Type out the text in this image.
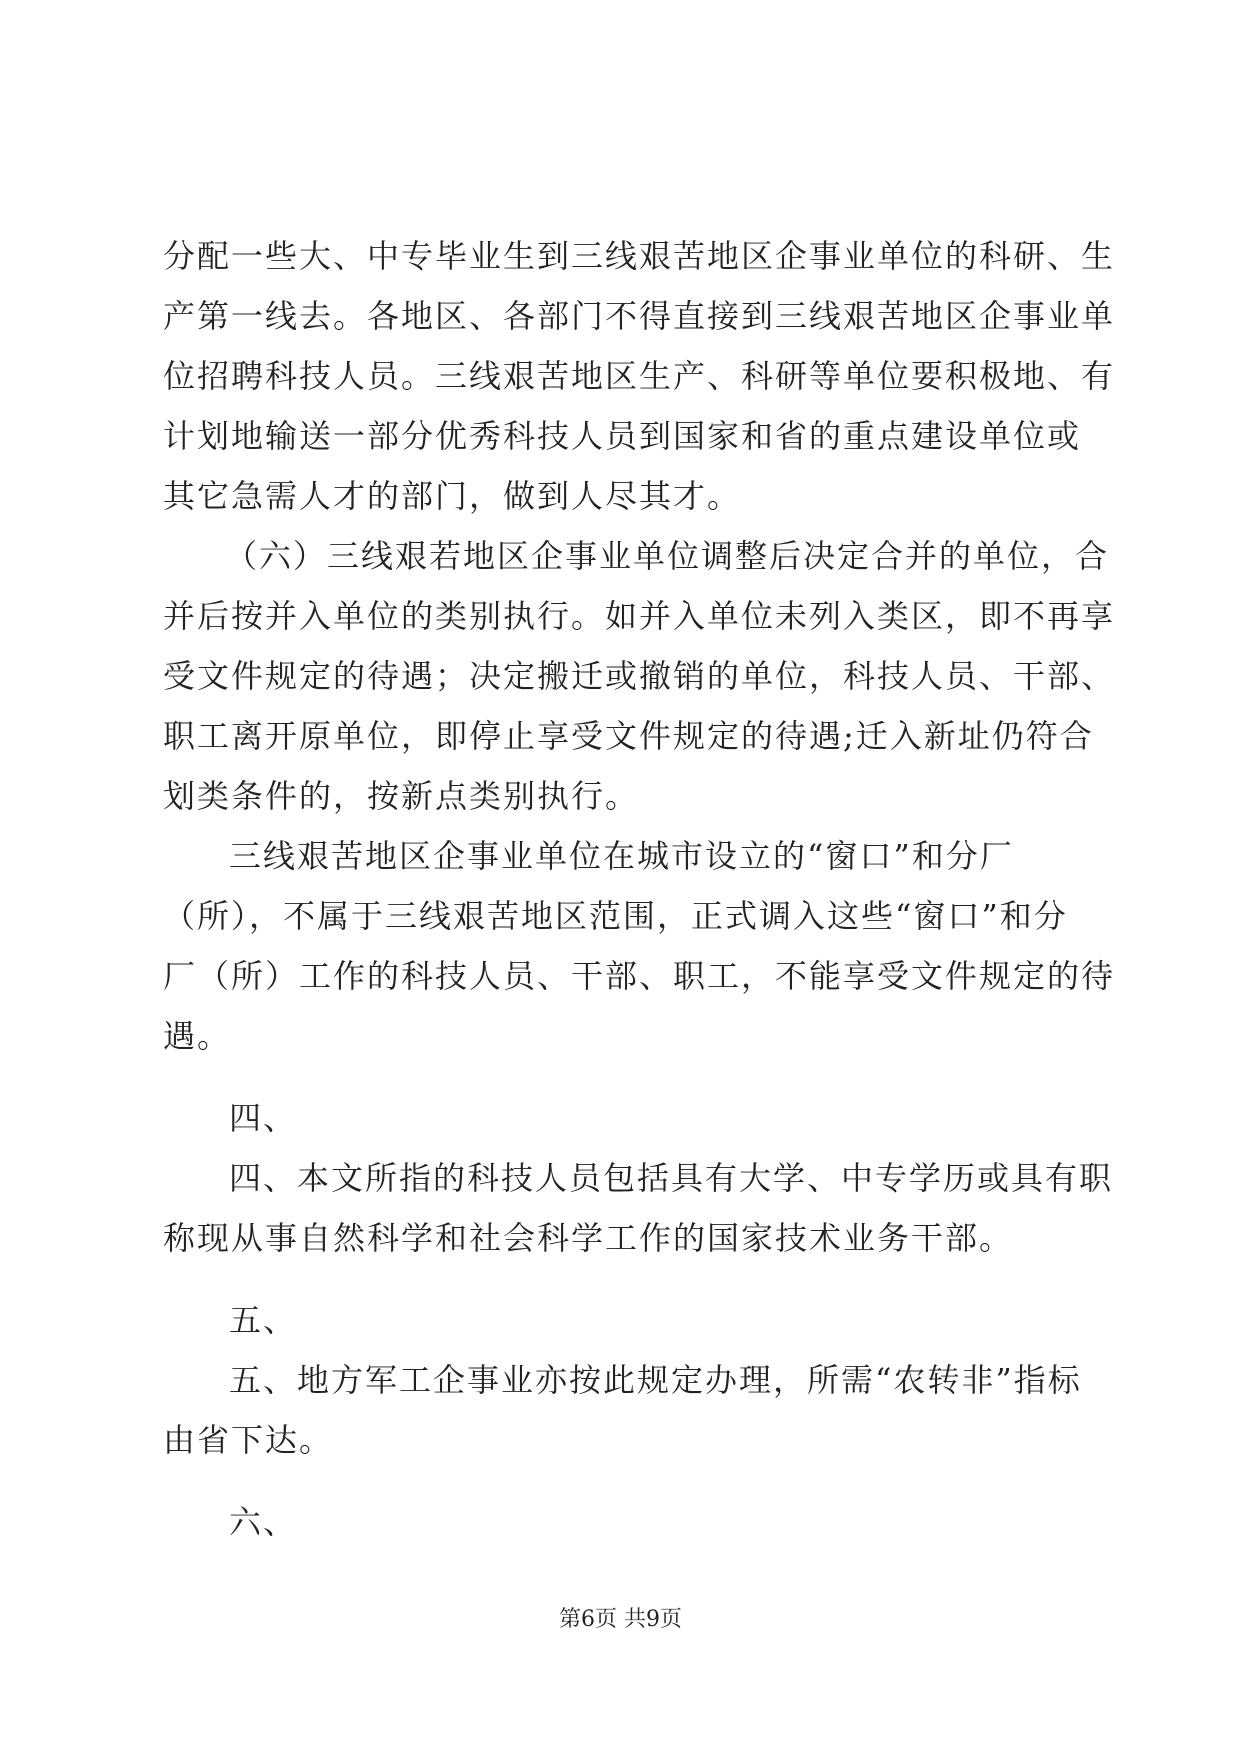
分配一些大、中专毕业生到三线艰苦地区企事业单位的科研、生
产第一线去。各地区、各部门不得直接到三线艰苦地区企事业单
位招聘科技人员。三线艰苦地区生产、科研等单位要积极地、有
计划地输送一部分优秀科技人员到国家和省的重点建设单位或
其它急需人才的部门，做到人尽其才。
（六）三线艰若地区企事业单位调整后决定合并的单位，合
并后按并入单位的类别执行。如并入单位未列入类区，即不再享
受文件规定的待遇；决定搬迁或撤销的单位，科技人员、干部、
职工离开原单位，即停止享受文件规定的待遇;迁入新址仍符合
划类条件的，按新点类别执行。
三线艰苦地区企事业单位在城市设立的“窗口”和分厂
（所），不属于三线艰苦地区范围，正式调入这些“窗口”和分
厂（所）工作的科技人员、干部、职工，不能享受文件规定的待
遇。
四、
四、本文所指的科技人员包括具有大学、中专学历或具有职
称现从事自然科学和社会科学工作的国家技术业务干部。
五、
五、地方军工企事业亦按此规定办理，所需“农转非”指标
由省下达。
六、
第6页 共9页
